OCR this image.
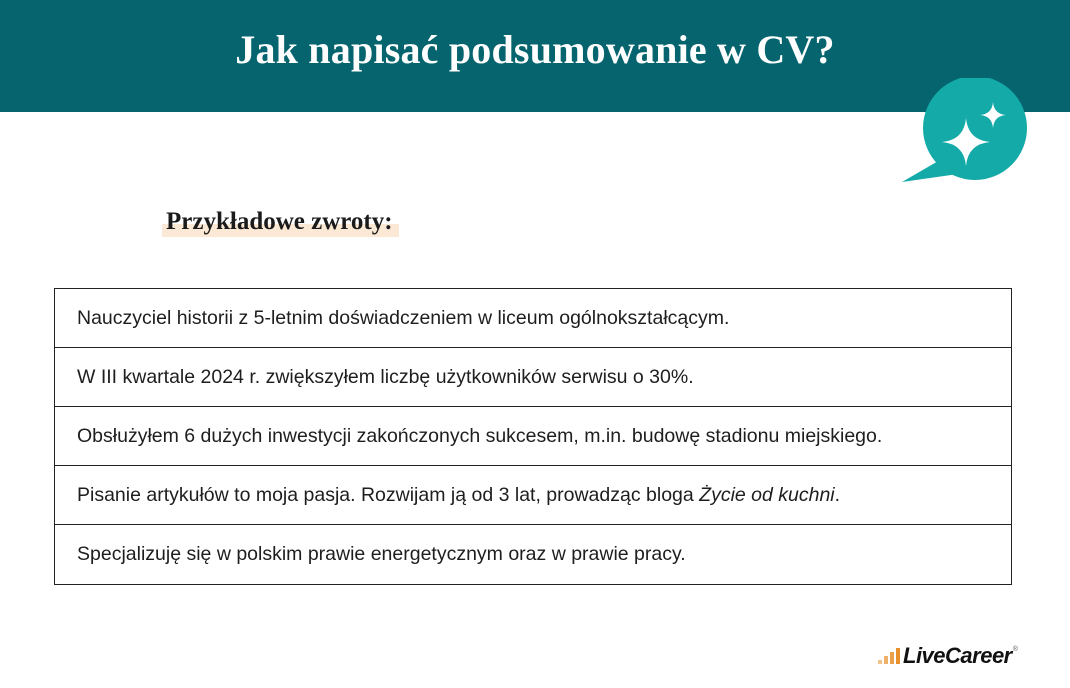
Jak napisać podsumowanie w CV?
Przykładowe zwroty:
Nauczyciel historii z 5-letnim doświadczeniem w liceum ogólnokształcącym.
W III kwartale 2024 r. zwiększyłem liczbę użytkowników serwisu o 30%.
Obsłużyłem 6 dużych inwestycji zakończonych sukcesem, m.in. budowę stadionu miejskiego.
Pisanie artykułów to moja pasja. Rozwijam ją od 3 lat, prowadząc bloga Życie od kuchni.
Specjalizuję się w polskim prawie energetycznym oraz w prawie pracy.
LiveCareer ®
